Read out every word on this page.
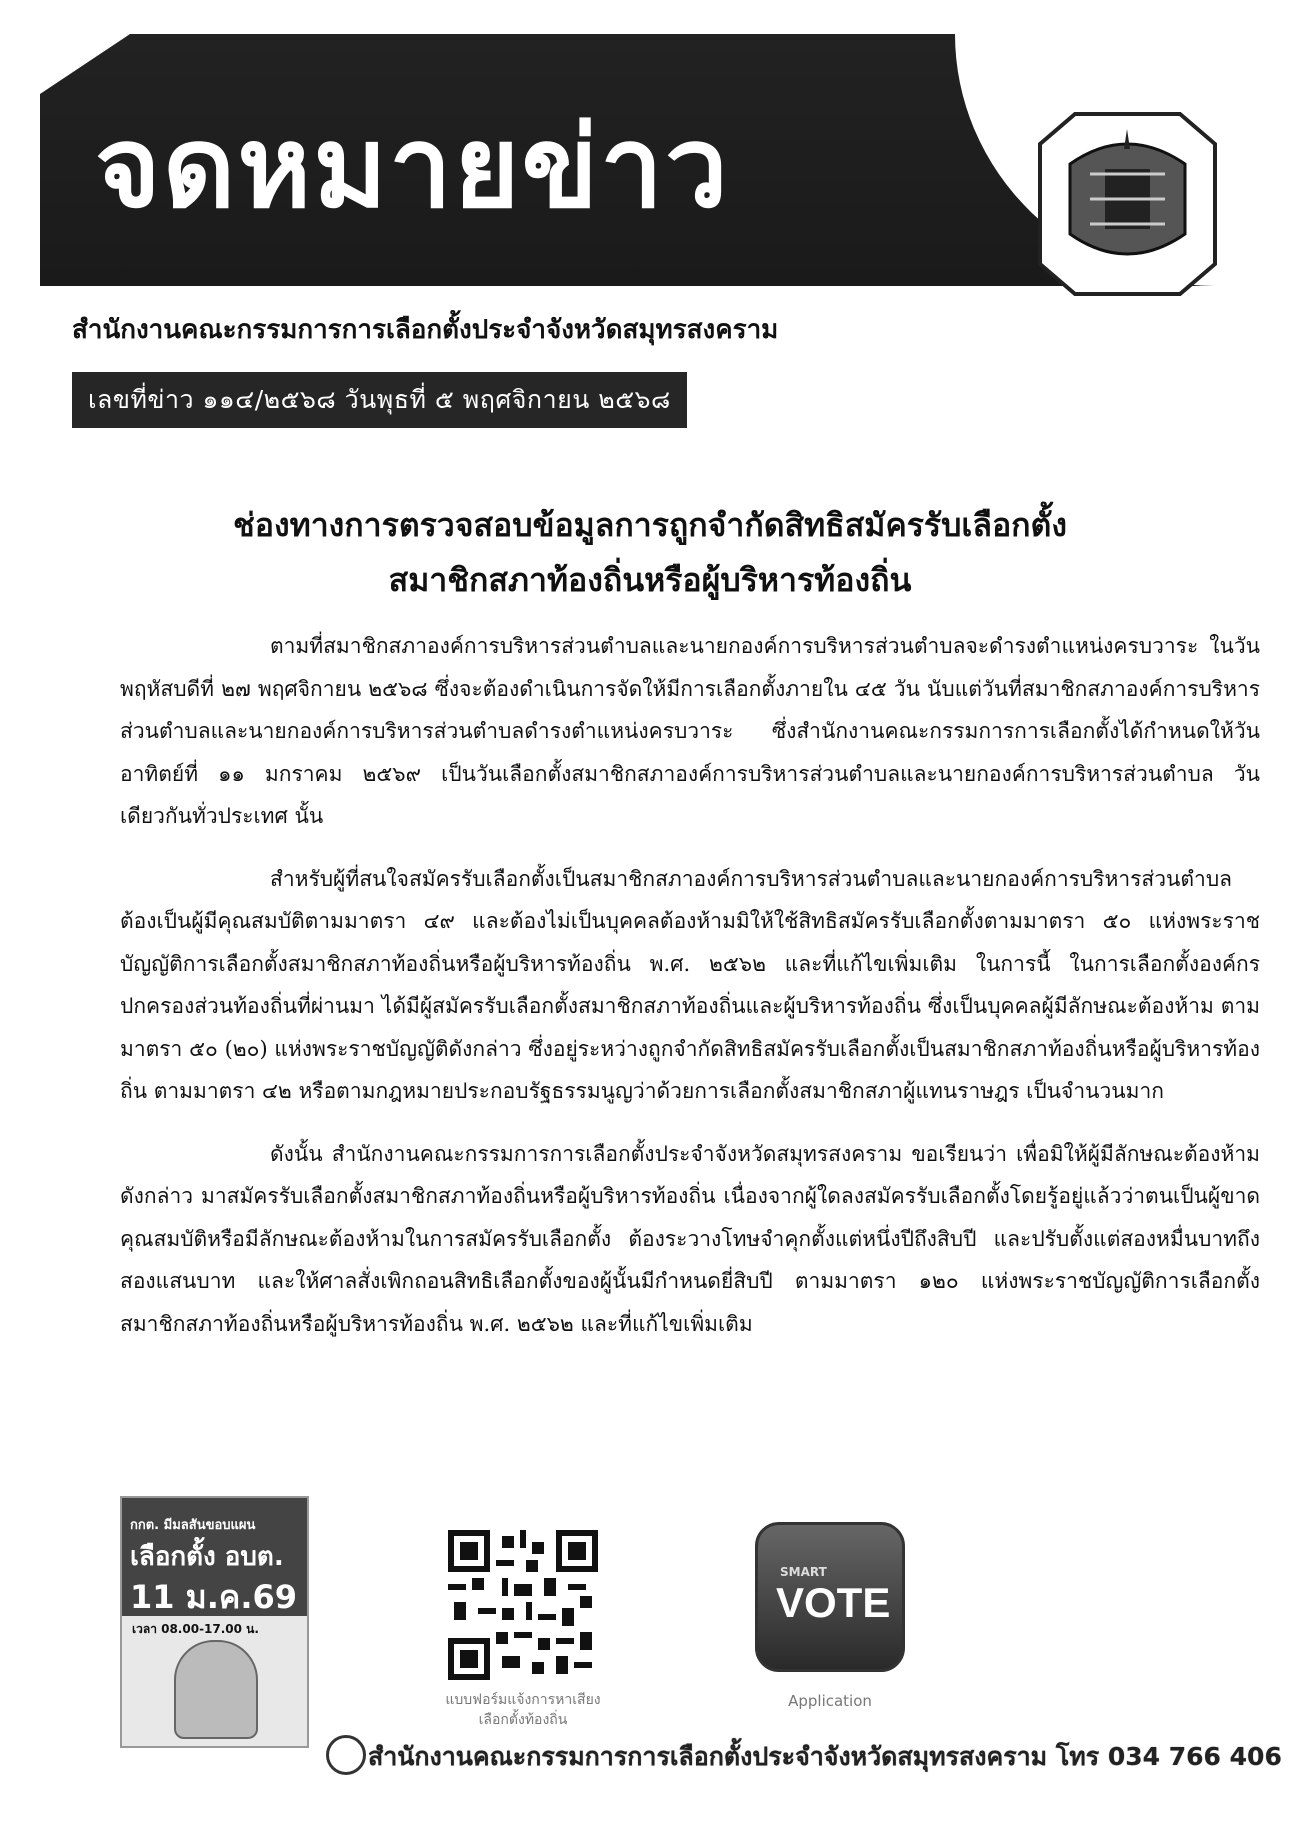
จดหมายข่าว
สำนักงานคณะกรรมการการเลือกตั้งประจำจังหวัดสมุทรสงคราม
เลขที่ข่าว ๑๑๔/๒๕๖๘ วันพุธที่ ๕ พฤศจิกายน ๒๕๖๘
ช่องทางการตรวจสอบข้อมูลการถูกจำกัดสิทธิสมัครรับเลือกตั้ง
สมาชิกสภาท้องถิ่นหรือผู้บริหารท้องถิ่น

ตามที่สมาชิกสภาองค์การบริหารส่วนตำบลและนายกองค์การบริหารส่วนตำบลจะดำรงตำแหน่งครบวาระ ในวันพฤหัสบดีที่ ๒๗ พฤศจิกายน ๒๕๖๘ ซึ่งจะต้องดำเนินการจัดให้มีการเลือกตั้งภายใน ๔๕ วัน นับแต่วันที่สมาชิกสภาองค์การบริหารส่วนตำบลและนายกองค์การบริหารส่วนตำบลดำรงตำแหน่งครบวาระ ซึ่งสำนักงานคณะกรรมการการเลือกตั้งได้กำหนดให้วันอาทิตย์ที่ ๑๑ มกราคม ๒๕๖๙ เป็นวันเลือกตั้งสมาชิกสภาองค์การบริหารส่วนตำบลและนายกองค์การบริหารส่วนตำบล วันเดียวกันทั่วประเทศ นั้น

สำหรับผู้ที่สนใจสมัครรับเลือกตั้งเป็นสมาชิกสภาองค์การบริหารส่วนตำบลและนายกองค์การบริหารส่วนตำบลต้องเป็นผู้มีคุณสมบัติตามมาตรา ๔๙ และต้องไม่เป็นบุคคลต้องห้ามมิให้ใช้สิทธิสมัครรับเลือกตั้งตามมาตรา ๕๐ แห่งพระราชบัญญัติการเลือกตั้งสมาชิกสภาท้องถิ่นหรือผู้บริหารท้องถิ่น พ.ศ. ๒๕๖๒ และที่แก้ไขเพิ่มเติม ในการนี้ ในการเลือกตั้งองค์กรปกครองส่วนท้องถิ่นที่ผ่านมา ได้มีผู้สมัครรับเลือกตั้งสมาชิกสภาท้องถิ่นและผู้บริหารท้องถิ่น ซึ่งเป็นบุคคลผู้มีลักษณะต้องห้าม ตามมาตรา ๕๐ (๒๐) แห่งพระราชบัญญัติดังกล่าว ซึ่งอยู่ระหว่างถูกจำกัดสิทธิสมัครรับเลือกตั้งเป็นสมาชิกสภาท้องถิ่นหรือผู้บริหารท้องถิ่น ตามมาตรา ๔๒ หรือตามกฎหมายประกอบรัฐธรรมนูญว่าด้วยการเลือกตั้งสมาชิกสภาผู้แทนราษฎร เป็นจำนวนมาก

ดังนั้น สำนักงานคณะกรรมการการเลือกตั้งประจำจังหวัดสมุทรสงคราม ขอเรียนว่า เพื่อมิให้ผู้มีลักษณะต้องห้ามดังกล่าว มาสมัครรับเลือกตั้งสมาชิกสภาท้องถิ่นหรือผู้บริหารท้องถิ่น เนื่องจากผู้ใดลงสมัครรับเลือกตั้งโดยรู้อยู่แล้วว่าตนเป็นผู้ขาดคุณสมบัติหรือมีลักษณะต้องห้ามในการสมัครรับเลือกตั้ง ต้องระวางโทษจำคุกตั้งแต่หนึ่งปีถึงสิบปี และปรับตั้งแต่สองหมื่นบาทถึงสองแสนบาท และให้ศาลสั่งเพิกถอนสิทธิเลือกตั้งของผู้นั้นมีกำหนดยี่สิบปี ตามมาตรา ๑๒๐ แห่งพระราชบัญญัติการเลือกตั้งสมาชิกสภาท้องถิ่นหรือผู้บริหารท้องถิ่น พ.ศ. ๒๕๖๒ และที่แก้ไขเพิ่มเติม

กกต. มีมลสันขอบแผน
เลือกตั้ง อบต.
11 ม.ค.69
เวลา 08.00-17.00 น.
แบบฟอร์มแจ้งการหาเสียง
เลือกตั้งท้องถิ่น
SMART
VOTE
Application
สำนักงานคณะกรรมการการเลือกตั้งประจำจังหวัดสมุทรสงคราม โทร 034 766 406
